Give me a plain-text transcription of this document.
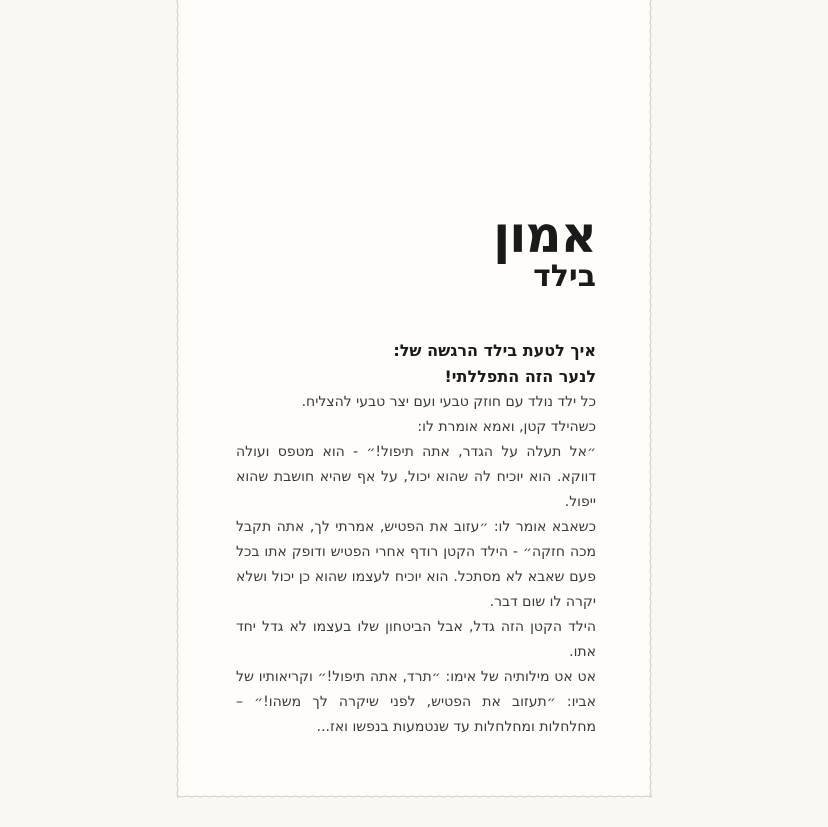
אמון
בילד
איך לטעת בילד הרגשה של:
לנער הזה התפללתי!

כל ילד נולד עם חוזק טבעי ועם יצר טבעי להצליח.

כשהילד קטן, ואמא אומרת לו:

״אל תעלה על הגדר, אתה תיפול!״ - הוא מטפס ועולה דווקא. הוא יוכיח לה שהוא יכול, על אף שהיא חושבת שהוא ייפול.

כשאבא אומר לו: ״עזוב את הפטיש, אמרתי לך, אתה תקבל מכה חזקה״ - הילד הקטן רודף אחרי הפטיש ודופק אתו בכל פעם שאבא לא מסתכל. הוא יוכיח לעצמו שהוא כן יכול ושלא יקרה לו שום דבר.

הילד הקטן הזה גדל, אבל הביטחון שלו בעצמו לא גדל יחד אתו.

אט אט מילותיה של אימו: ״תרד, אתה תיפול!״ וקריאותיו של אביו: ״תעזוב את הפטיש, לפני שיקרה לך משהו!״ – מחלחלות ומחלחלות עד שנטמעות בנפשו ואז...
